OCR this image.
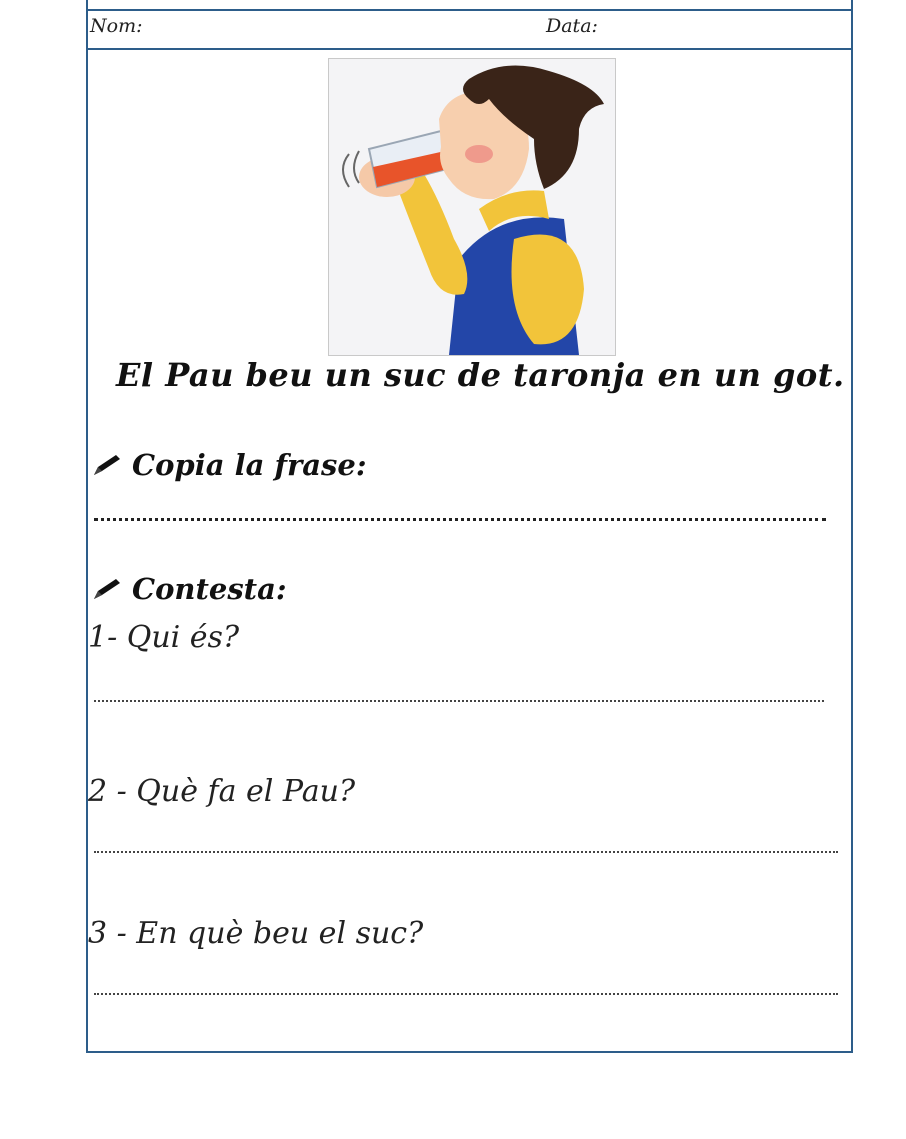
Nom:	Data:
El Pau beu un suc de taronja en un got.
Copia la frase:
Contesta:
1- Qui és?
2 - Què fa el Pau?
3 - En què beu el suc?
